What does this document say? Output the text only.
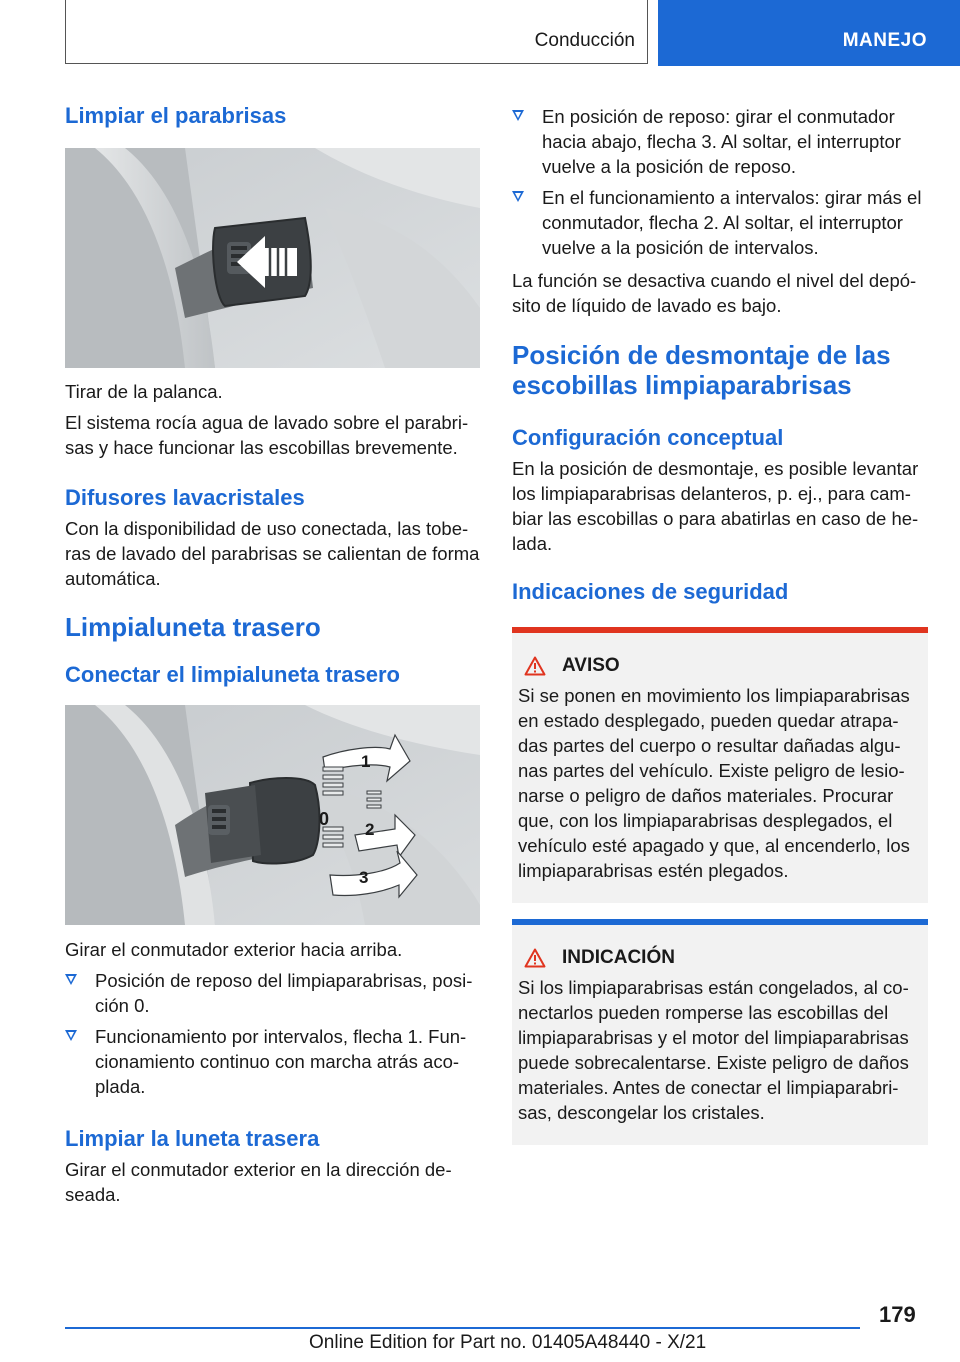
Conducción	MANEJO
Limpiar el parabrisas

Tirar de la palanca.

El sistema rocía agua de lavado sobre el parabri-sas y hace funcionar las escobillas brevemente.

Difusores lavacristales

Con la disponibilidad de uso conectada, las tobe-ras de lavado del parabrisas se calientan de forma automática.

Limpialuneta trasero
Conectar el limpialuneta trasero
1
0
2
3

Girar el conmutador exterior hacia arriba.

Posición de reposo del limpiaparabrisas, posi-ción 0.
Funcionamiento por intervalos, flecha 1. Fun-cionamiento continuo con marcha atrás aco-plada.
Limpiar la luneta trasera

Girar el conmutador exterior en la dirección de-seada.

En posición de reposo: girar el conmutador hacia abajo, flecha 3. Al soltar, el interruptor vuelve a la posición de reposo.
En el funcionamiento a intervalos: girar más el conmutador, flecha 2. Al soltar, el interruptor vuelve a la posición de intervalos.

La función se desactiva cuando el nivel del depó-sito de líquido de lavado es bajo.

Posición de desmontaje de las escobillas limpiaparabrisas
Configuración conceptual

En la posición de desmontaje, es posible levantar los limpiaparabrisas delanteros, p. ej., para cam-biar las escobillas o para abatirlas en caso de he-lada.

Indicaciones de seguridad
AVISO
Si se ponen en movimiento los limpiaparabrisas en estado desplegado, pueden quedar atrapa-das partes del cuerpo o resultar dañadas algu-nas partes del vehículo. Existe peligro de lesio-narse o peligro de daños materiales. Procurar que, con los limpiaparabrisas desplegados, el vehículo esté apagado y que, al encenderlo, los limpiaparabrisas estén plegados.
INDICACIÓN
Si los limpiaparabrisas están congelados, al co-nectarlos pueden romperse las escobillas del limpiaparabrisas y el motor del limpiaparabrisas puede sobrecalentarse. Existe peligro de daños materiales. Antes de conectar el limpiaparabri-sas, descongelar los cristales.
179
Online Edition for Part no. 01405A48440 - X/21
